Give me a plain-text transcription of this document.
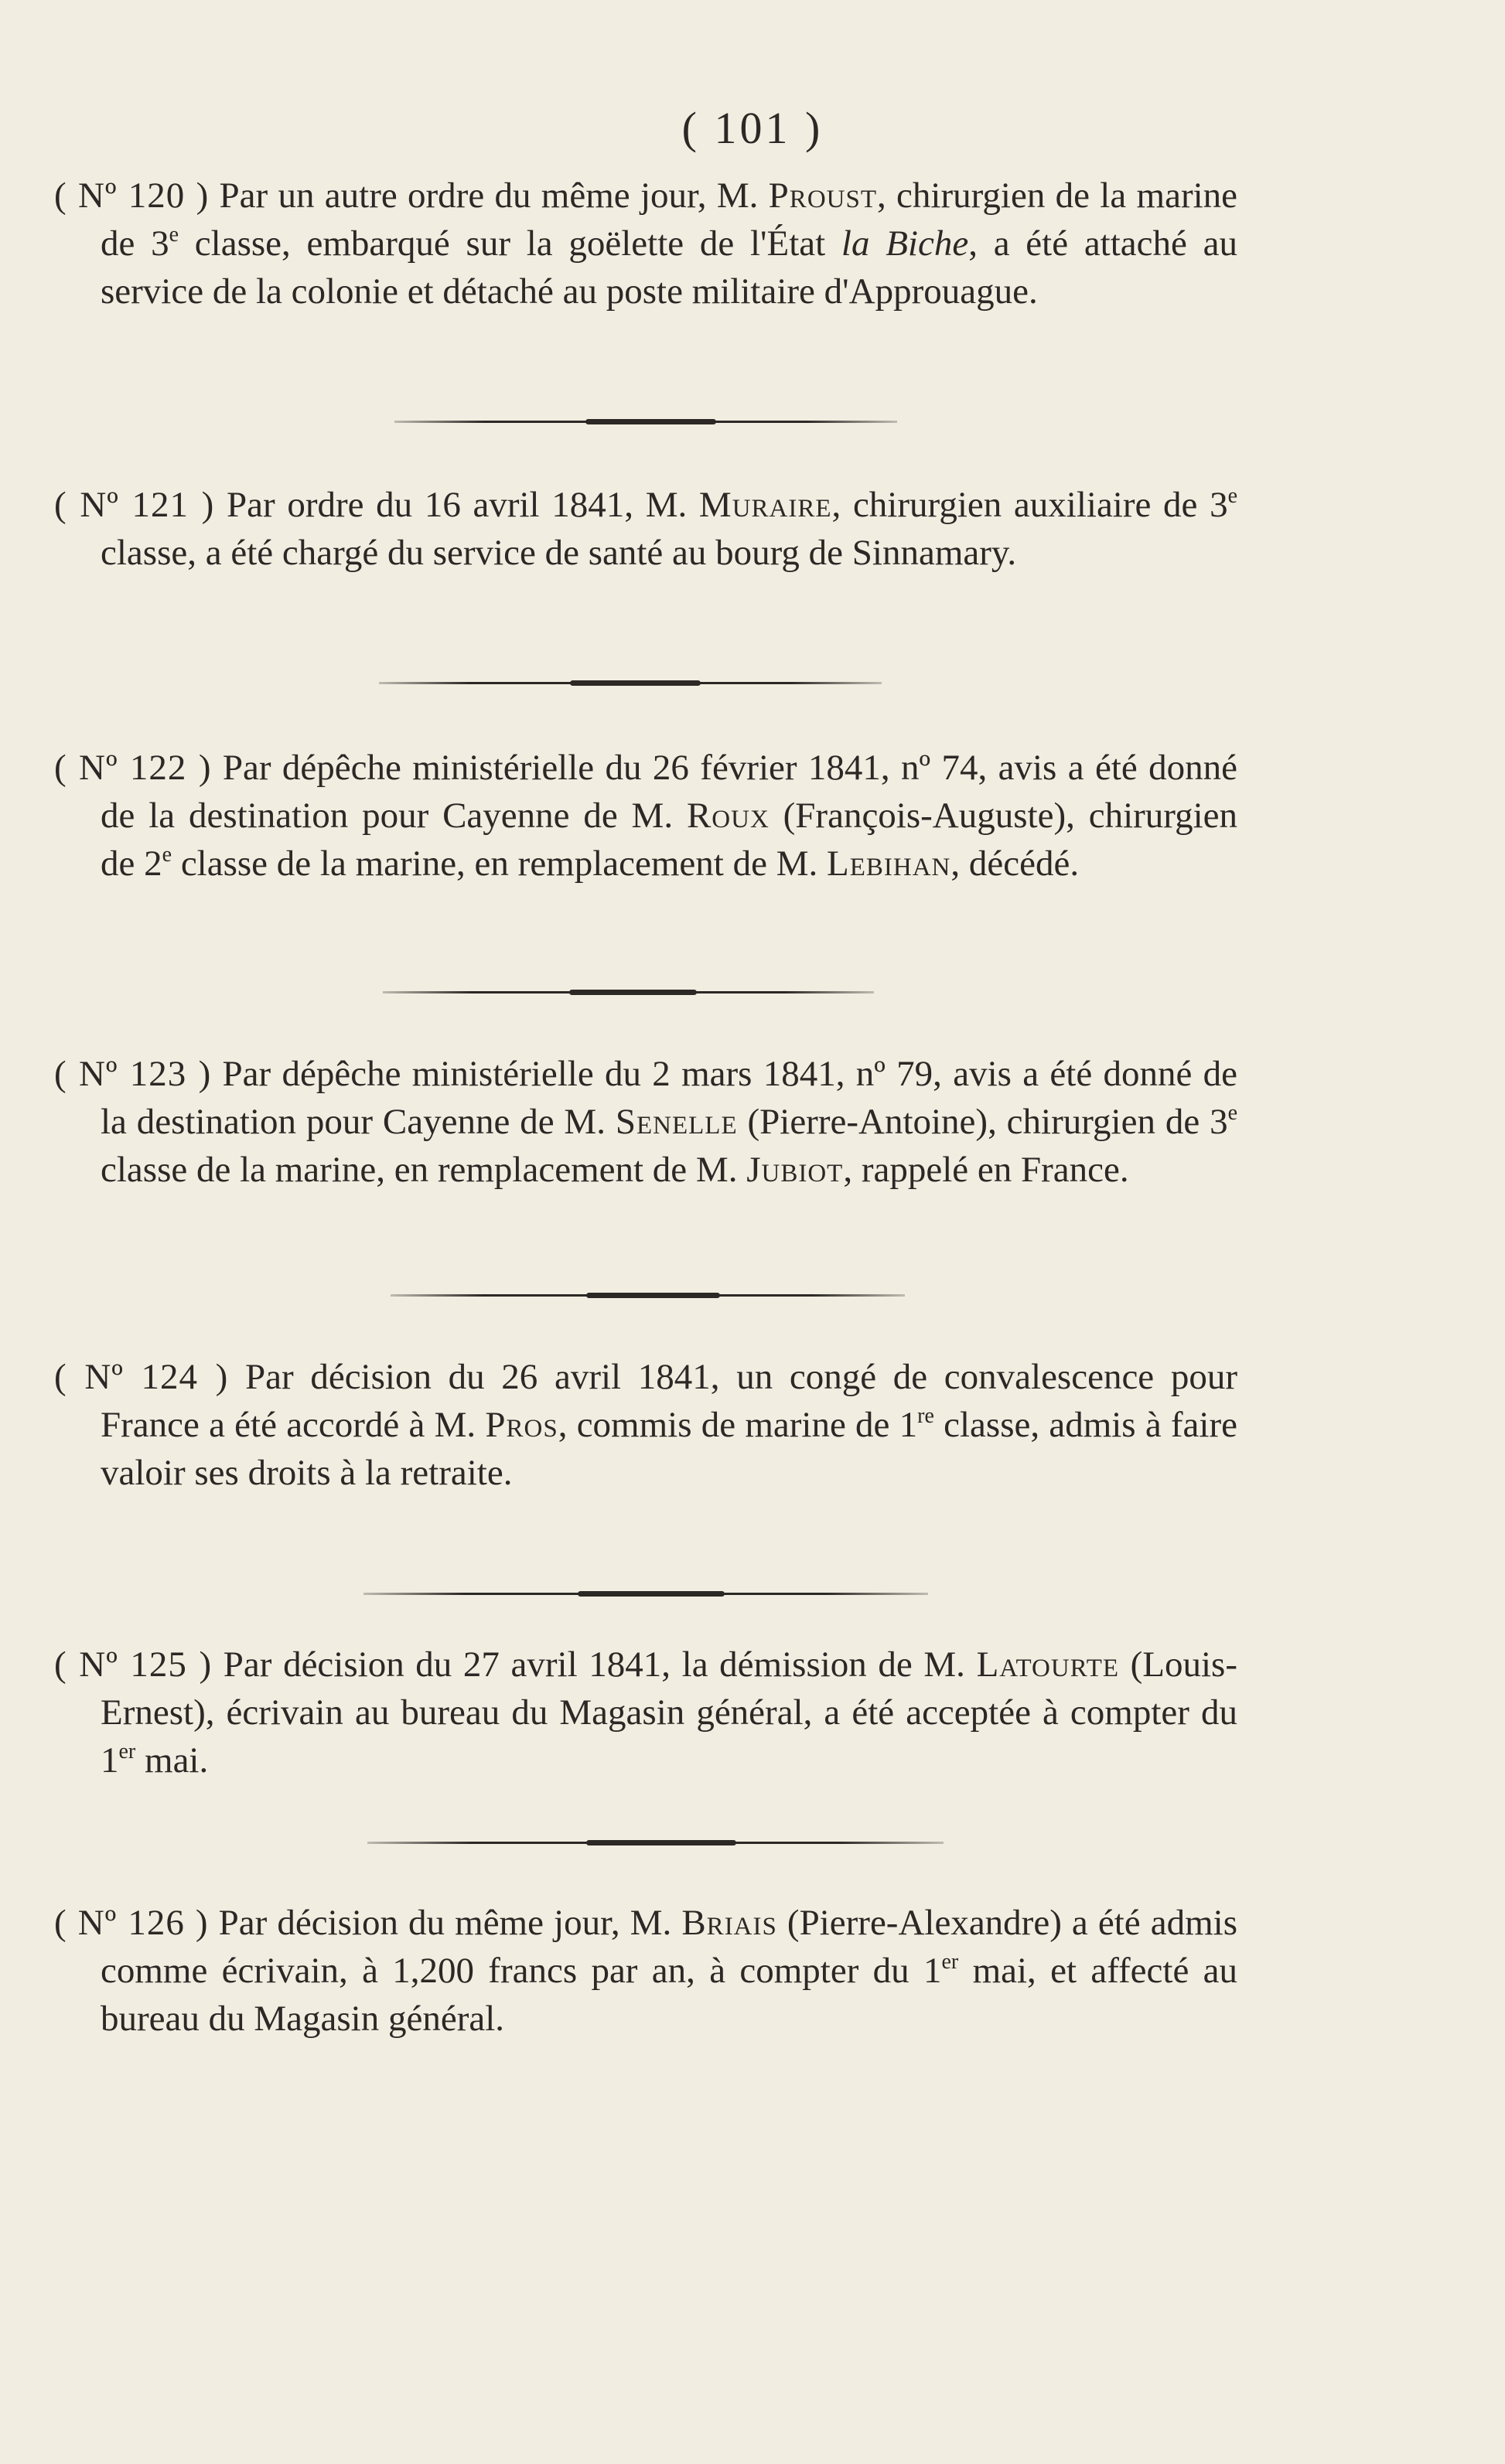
( 101 )

( Nº 120 ) Par un autre ordre du même jour, M. Proust, chirurgien de la marine de 3e classe, embarqué sur la goëlette de l'État la Biche, a été attaché au service de la colonie et détaché au poste militaire d'Approuague.

( Nº 121 ) Par ordre du 16 avril 1841, M. Muraire, chirurgien auxiliaire de 3e classe, a été chargé du service de santé au bourg de Sinnamary.

( Nº 122 ) Par dépêche ministérielle du 26 février 1841, nº 74, avis a été donné de la destination pour Cayenne de M. Roux (François-Auguste), chirurgien de 2e classe de la marine, en remplacement de M. Lebihan, décédé.

( Nº 123 ) Par dépêche ministérielle du 2 mars 1841, nº 79, avis a été donné de la destination pour Cayenne de M. Senelle (Pierre-Antoine), chirurgien de 3e classe de la marine, en remplacement de M. Jubiot, rappelé en France.

( Nº 124 ) Par décision du 26 avril 1841, un congé de convalescence pour France a été accordé à M. Pros, commis de marine de 1re classe, admis à faire valoir ses droits à la retraite.

( Nº 125 ) Par décision du 27 avril 1841, la démission de M. Latourte (Louis-Ernest), écrivain au bureau du Magasin général, a été acceptée à compter du 1er mai.

( Nº 126 ) Par décision du même jour, M. Briais (Pierre-Alexandre) a été admis comme écrivain, à 1,200 francs par an, à compter du 1er mai, et affecté au bureau du Magasin général.
